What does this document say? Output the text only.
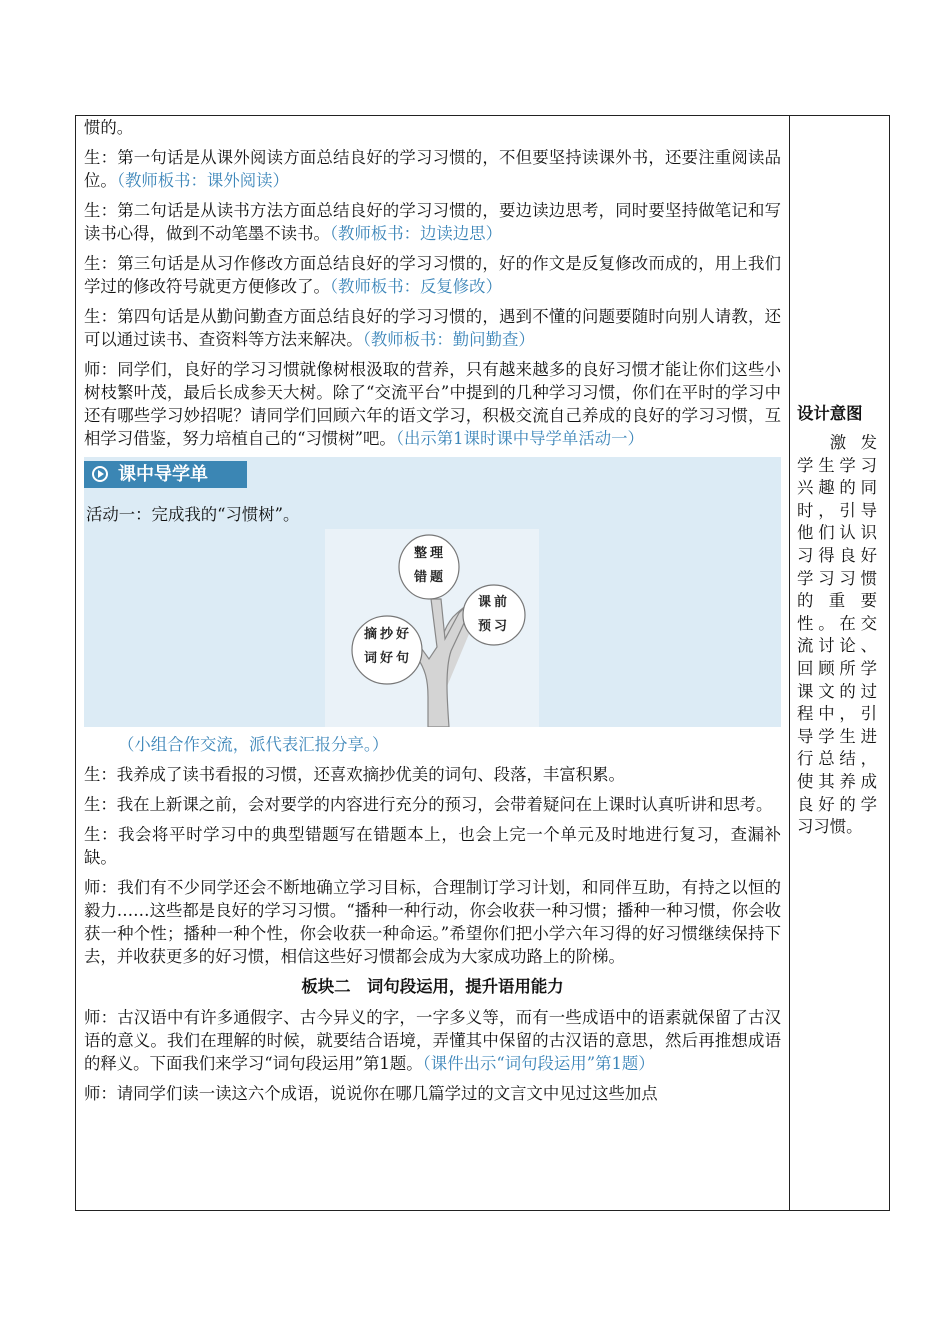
惯的。

生：第一句话是从课外阅读方面总结良好的学习习惯的，不但要坚持读课外书，还要注重阅读品位。（教师板书：课外阅读）

生：第二句话是从读书方法方面总结良好的学习习惯的，要边读边思考，同时要坚持做笔记和写读书心得，做到不动笔墨不读书。（教师板书：边读边思）

生：第三句话是从习作修改方面总结良好的学习习惯的，好的作文是反复修改而成的，用上我们学过的修改符号就更方便修改了。（教师板书：反复修改）

生：第四句话是从勤问勤查方面总结良好的学习习惯的，遇到不懂的问题要随时向别人请教，还可以通过读书、查资料等方法来解决。（教师板书：勤问勤查）

师：同学们，良好的学习习惯就像树根汲取的营养，只有越来越多的良好习惯才能让你们这些小树枝繁叶茂，最后长成参天大树。除了“交流平台”中提到的几种学习习惯，你们在平时的学习中还有哪些学习妙招呢？请同学们回顾六年的语文学习，积极交流自己养成的良好的学习习惯，互相学习借鉴，努力培植自己的“习惯树”吧。（出示第1课时课中导学单活动一）

课中导学单
活动一：完成我的“习惯树”。
整理
错题
课前
预习
摘抄好
词好句

（小组合作交流，派代表汇报分享。）

生：我养成了读书看报的习惯，还喜欢摘抄优美的词句、段落，丰富积累。

生：我在上新课之前，会对要学的内容进行充分的预习，会带着疑问在上课时认真听讲和思考。

生：我会将平时学习中的典型错题写在错题本上，也会上完一个单元及时地进行复习，查漏补缺。

师：我们有不少同学还会不断地确立学习目标，合理制订学习计划，和同伴互助，有持之以恒的毅力……这些都是良好的学习习惯。“播种一种行动，你会收获一种习惯；播种一种习惯，你会收获一种个性；播种一种个性，你会收获一种命运。”希望你们把小学六年习得的好习惯继续保持下去，并收获更多的好习惯，相信这些好习惯都会成为大家成功路上的阶梯。

板块二　词句段运用，提升语用能力

师：古汉语中有许多通假字、古今异义的字，一字多义等，而有一些成语中的语素就保留了古汉语的意义。我们在理解的时候，就要结合语境，弄懂其中保留的古汉语的意思，然后再推想成语的释义。下面我们来学习“词句段运用”第1题。（课件出示“词句段运用”第1题）

师：请同学们读一读这六个成语，说说你在哪几篇学过的文言文中见过这些加点

设计意图
激发学生学习兴趣的同时，引导他们认识习得良好学习习惯的重要性。在交流讨论、回顾所学课文的过程中，引导学生进行总结，使其养成良好的学习习惯。
